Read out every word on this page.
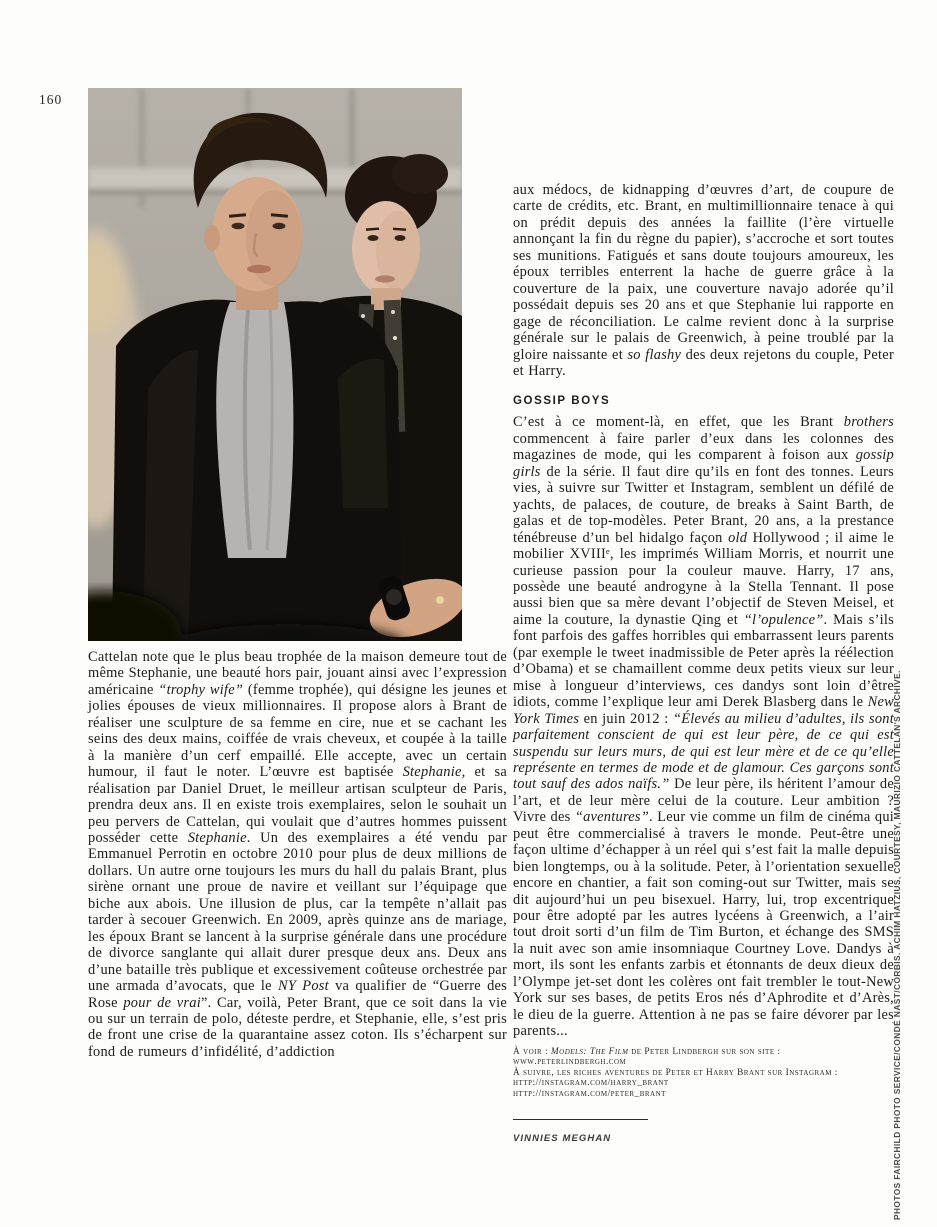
160
Cattelan note que le plus beau trophée de la maison demeure tout de même Stephanie, une beauté hors pair, jouant ainsi avec l’expression américaine “trophy wife” (femme trophée), qui désigne les jeunes et jolies épouses de vieux millionnaires. Il propose alors à Brant de réaliser une sculpture de sa femme en cire, nue et se cachant les seins des deux mains, coiffée de vrais cheveux, et coupée à la taille à la manière d’un cerf empaillé. Elle accepte, avec un certain humour, il faut le noter. L’œuvre est baptisée Stephanie, et sa réalisation par Daniel Druet, le meilleur artisan sculpteur de Paris, prendra deux ans. Il en existe trois exemplaires, selon le souhait un peu pervers de Cattelan, qui voulait que d’autres hommes puissent posséder cette Stephanie. Un des exemplaires a été vendu par Emmanuel Perrotin en octobre 2010 pour plus de deux millions de dollars. Un autre orne toujours les murs du hall du palais Brant, plus sirène ornant une proue de navire et veillant sur l’équipage que biche aux abois. Une illusion de plus, car la tempête n’allait pas tarder à secouer Greenwich. En 2009, après quinze ans de mariage, les époux Brant se lancent à la surprise générale dans une procédure de divorce sanglante qui allait durer presque deux ans. Deux ans d’une bataille très publique et excessivement coûteuse orchestrée par une armada d’avocats, que le NY Post va qualifier de “Guerre des Rose pour de vrai”. Car, voilà, Peter Brant, que ce soit dans la vie ou sur un terrain de polo, déteste perdre, et Stephanie, elle, s’est pris de front une crise de la quarantaine assez coton. Ils s’écharpent sur fond de rumeurs d’infidélité, d’addiction
aux médocs, de kidnapping d’œuvres d’art, de coupure de carte de crédits, etc. Brant, en multimillionnaire tenace à qui on prédit depuis des années la faillite (l’ère virtuelle annonçant la fin du règne du papier), s’accroche et sort toutes ses munitions. Fatigués et sans doute toujours amoureux, les époux terribles enterrent la hache de guerre grâce à la couverture de la paix, une couverture navajo adorée qu’il possédait depuis ses 20 ans et que Stephanie lui rapporte en gage de réconciliation. Le calme revient donc à la surprise générale sur le palais de Greenwich, à peine troublé par la gloire naissante et so flashy des deux rejetons du couple, Peter et Harry.
GOSSIP BOYS
C’est à ce moment-là, en effet, que les Brant brothers commencent à faire parler d’eux dans les colonnes des magazines de mode, qui les comparent à foison aux gossip girls de la série. Il faut dire qu’ils en font des tonnes. Leurs vies, à suivre sur Twitter et Instagram, semblent un défilé de yachts, de palaces, de couture, de breaks à Saint Barth, de galas et de top-modèles. Peter Brant, 20 ans, a la prestance ténébreuse d’un bel hidalgo façon old Hollywood ; il aime le mobilier XVIIIᵉ, les imprimés William Morris, et nourrit une curieuse passion pour la couleur mauve. Harry, 17 ans, possède une beauté androgyne à la Stella Tennant. Il pose aussi bien que sa mère devant l’objectif de Steven Meisel, et aime la couture, la dynastie Qing et “l’opulence”. Mais s’ils font parfois des gaffes horribles qui embarrassent leurs parents (par exemple le tweet inadmissible de Peter après la réélection d’Obama) et se chamaillent comme deux petits vieux sur leur mise à longueur d’interviews, ces dandys sont loin d’être idiots, comme l’explique leur ami Derek Blasberg dans le New York Times en juin 2012 : “Élevés au milieu d’adultes, ils sont parfaitement conscient de qui est leur père, de ce qui est suspendu sur leurs murs, de qui est leur mère et de ce qu’elle représente en termes de mode et de glamour. Ces garçons sont tout sauf des ados naïfs.” De leur père, ils héritent l’amour de l’art, et de leur mère celui de la couture. Leur ambition ? Vivre des “aventures”. Leur vie comme un film de cinéma qui peut être commercialisé à travers le monde. Peut-être une façon ultime d’échapper à un réel qui s’est fait la malle depuis bien longtemps, ou à la solitude. Peter, à l’orientation sexuelle encore en chantier, a fait son coming-out sur Twitter, mais se dit aujourd’hui un peu bisexuel. Harry, lui, trop excentrique pour être adopté par les autres lycéens à Greenwich, a l’air tout droit sorti d’un film de Tim Burton, et échange des SMS la nuit avec son amie insomniaque Courtney Love. Dandys à mort, ils sont les enfants zarbis et étonnants de deux dieux de l’Olympe jet-set dont les colères ont fait trembler le tout-New York sur ses bases, de petits Eros nés d’Aphrodite et d’Arès, le dieu de la guerre. Attention à ne pas se faire dévorer par les parents...
À voir : Models: The Film de Peter Lindbergh sur son site :
www.peterlindbergh.com
À suivre, les riches aventures de Peter et Harry Brant sur Instagram :
http://instagram.com/harry_brant
http://instagram.com/peter_brant
VINNIES MEGHAN	PHOTOS FAIRCHILD PHOTO SERVICE/CONDÉ NAST/CORBIS. ACHIM HATZIUS, COURTESY, MAURIZIO CATTELAN'S ARCHIVE.
